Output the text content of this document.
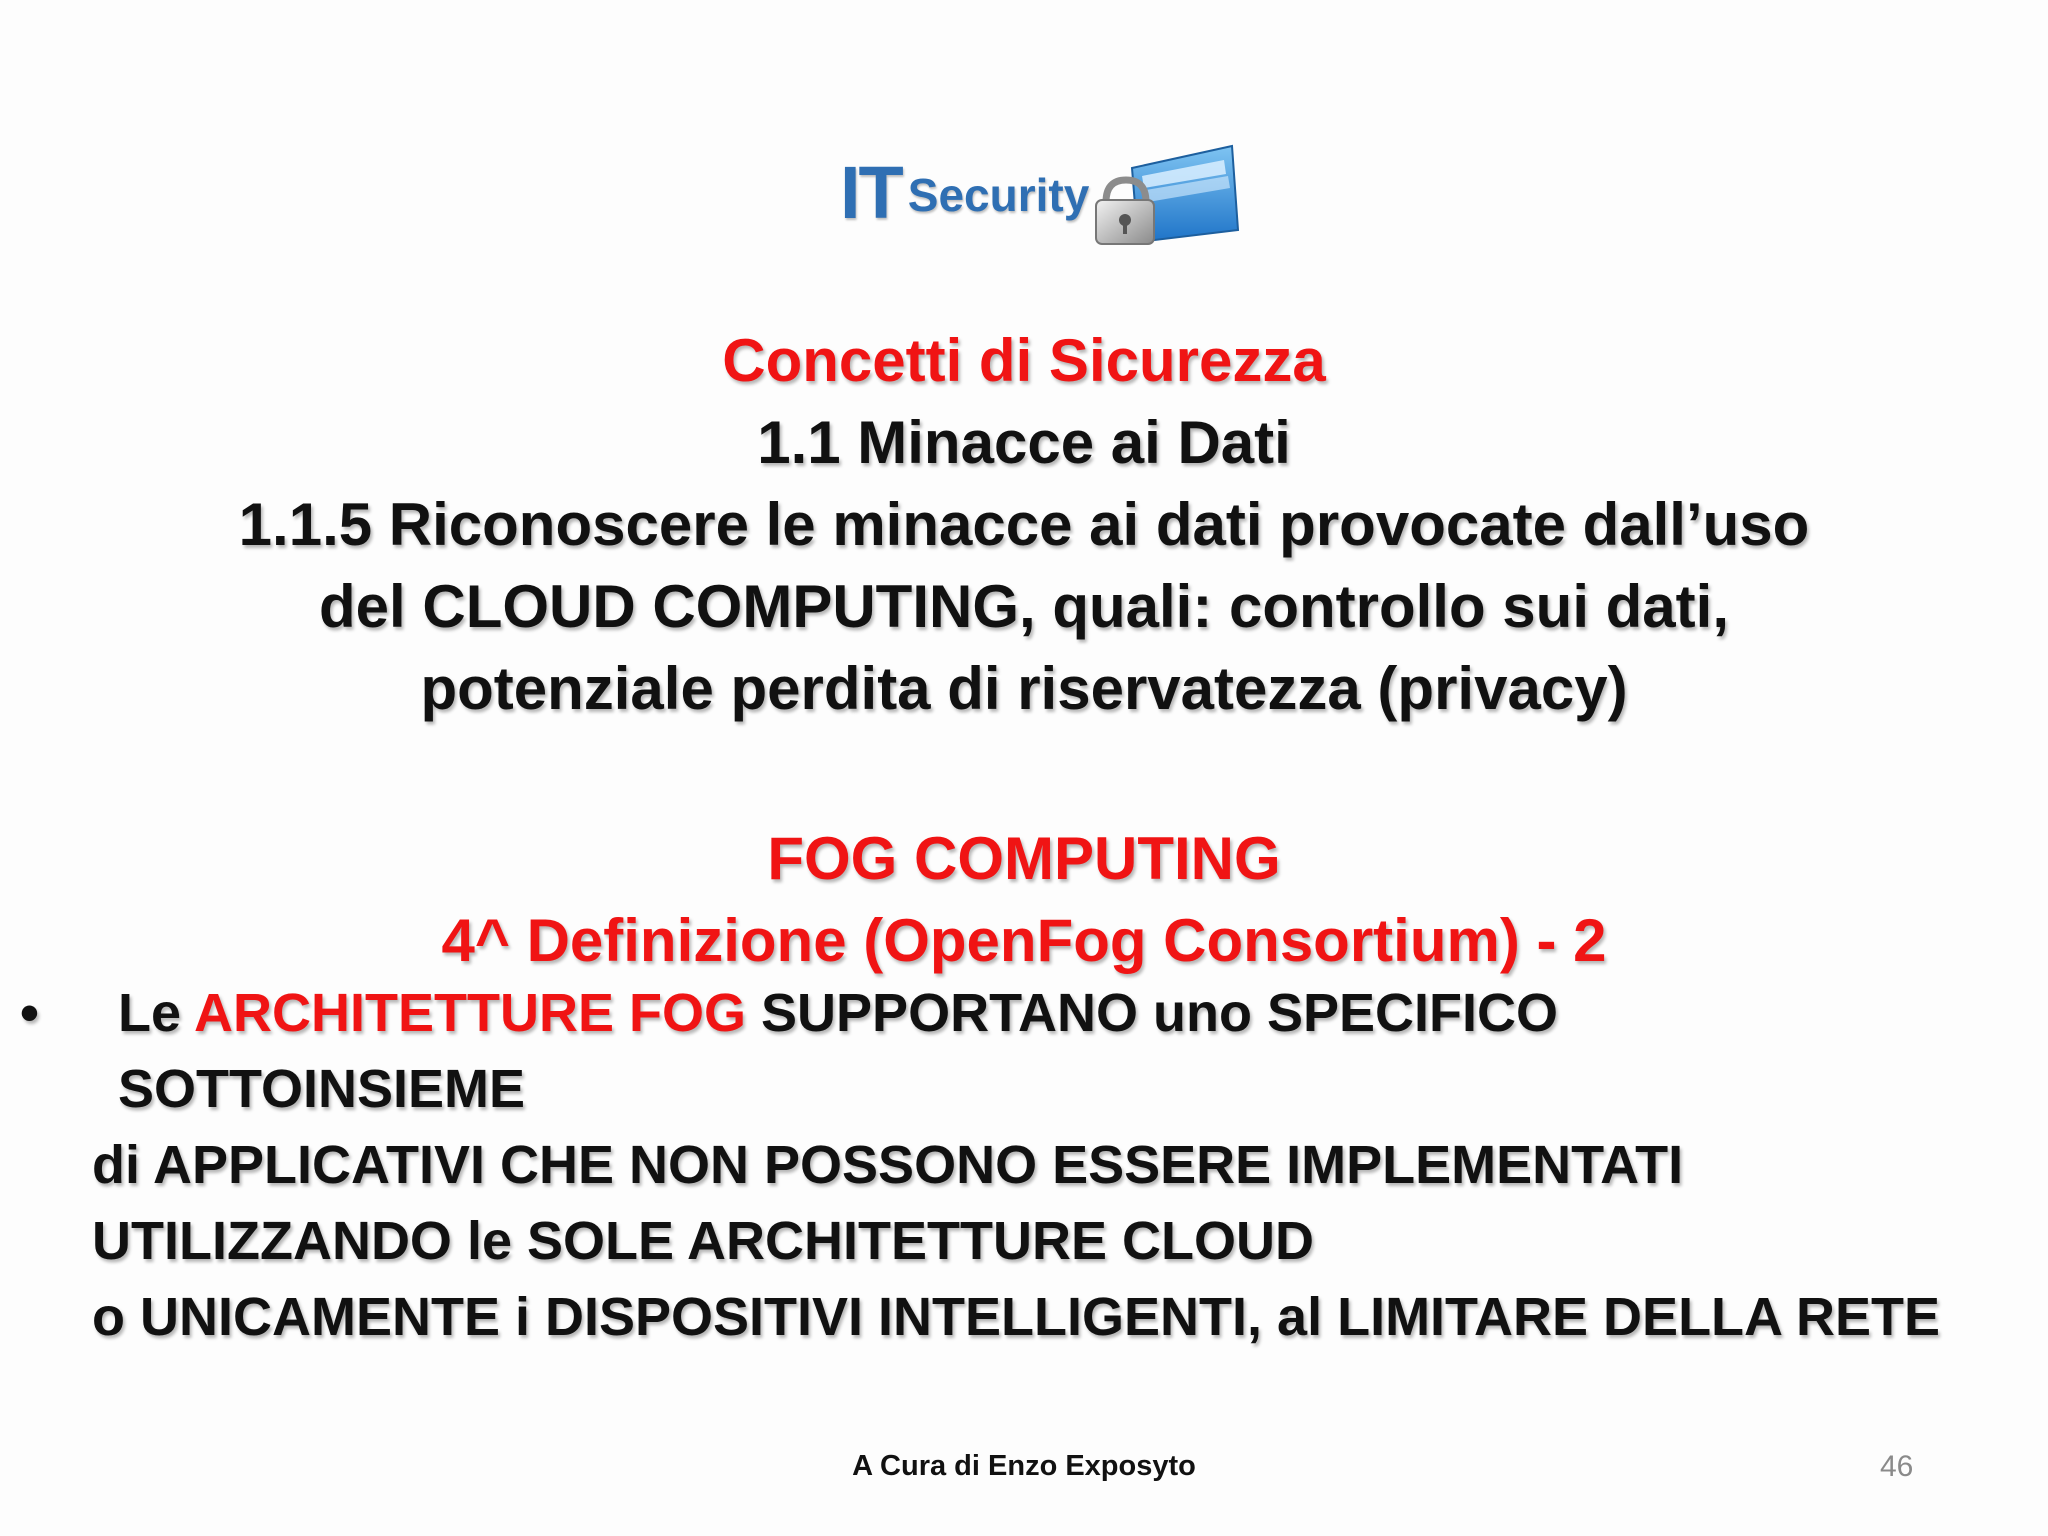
IT Security
Concetti di Sicurezza
1.1 Minacce ai Dati
1.1.5 Riconoscere le minacce ai dati provocate dall’uso
del CLOUD COMPUTING, quali: controllo sui dati,
potenziale perdita di riservatezza (privacy)
FOG COMPUTING
4^ Definizione (OpenFog Consortium) - 2
•	Le ARCHITETTURE FOG SUPPORTANO uno SPECIFICO SOTTOINSIEME
di APPLICATIVI CHE NON POSSONO ESSERE IMPLEMENTATI
UTILIZZANDO le SOLE ARCHITETTURE CLOUD
o UNICAMENTE i DISPOSITIVI INTELLIGENTI, al LIMITARE DELLA RETE
A Cura di Enzo Exposyto	46
